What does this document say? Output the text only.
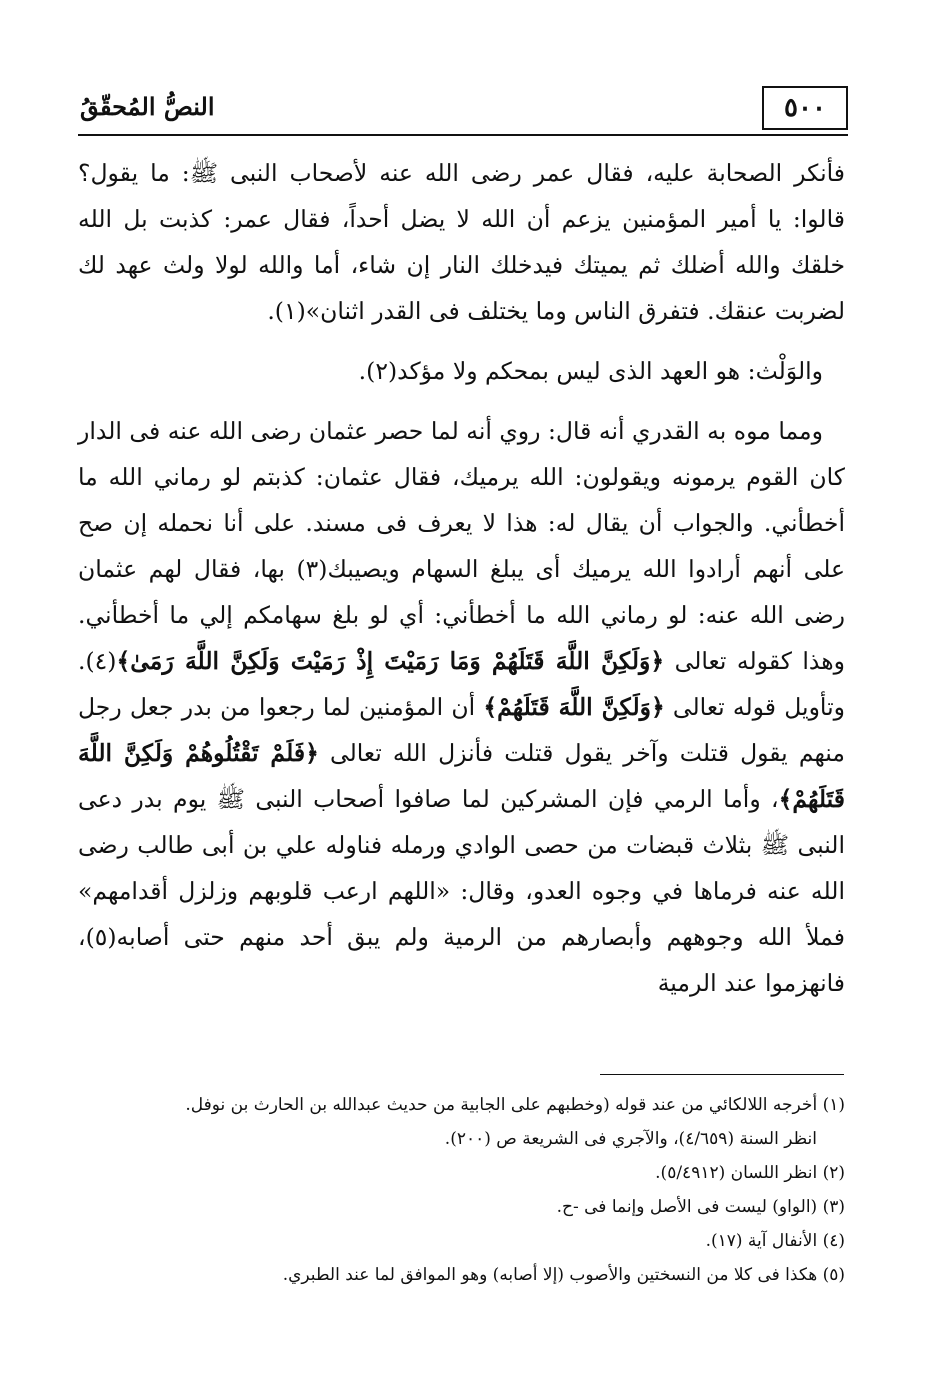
٥٠٠
النصُّ المُحقّقُ

فأنكر الصحابة عليه، فقال عمر رضى الله عنه لأصحاب النبى ﷺ: ما يقول؟ قالوا: يا أمير المؤمنين يزعم أن الله لا يضل أحداً، فقال عمر: كذبت بل الله خلقك والله أضلك ثم يميتك فيدخلك النار إن شاء، أما والله لولا ولث عهد لك لضربت عنقك. فتفرق الناس وما يختلف فى القدر اثنان»(١).

والوَلْث: هو العهد الذى ليس بمحكم ولا مؤكد(٢).

ومما موه به القدري أنه قال: روي أنه لما حصر عثمان رضى الله عنه فى الدار كان القوم يرمونه ويقولون: الله يرميك، فقال عثمان: كذبتم لو رماني الله ما أخطأني. والجواب أن يقال له: هذا لا يعرف فى مسند. على أنا نحمله إن صح على أنهم أرادوا الله يرميك أى يبلغ السهام ويصيبك(٣) بها، فقال لهم عثمان رضى الله عنه: لو رماني الله ما أخطأني: أي لو بلغ سهامكم إلي ما أخطأني. وهذا كقوله تعالى ﴿وَلَكِنَّ اللَّهَ قَتَلَهُمْ وَمَا رَمَيْتَ إِذْ رَمَيْتَ وَلَكِنَّ اللَّهَ رَمَىٰ﴾(٤). وتأويل قوله تعالى ﴿وَلَكِنَّ اللَّهَ قَتَلَهُمْ﴾ أن المؤمنين لما رجعوا من بدر جعل رجل منهم يقول قتلت وآخر يقول قتلت فأنزل الله تعالى ﴿فَلَمْ تَقْتُلُوهُمْ وَلَكِنَّ اللَّهَ قَتَلَهُمْ﴾، وأما الرمي فإن المشركين لما صافوا أصحاب النبى ﷺ يوم بدر دعى النبى ﷺ بثلاث قبضات من حصى الوادي ورمله فناوله علي بن أبى طالب رضى الله عنه فرماها في وجوه العدو، وقال: «اللهم ارعب قلوبهم وزلزل أقدامهم» فملأ الله وجوههم وأبصارهم من الرمية ولم يبق أحد منهم حتى أصابه(٥)، فانهزموا عند الرمية

(١) أخرجه اللالكائي من عند قوله (وخطبهم على الجابية من حديث عبدالله بن الحارث بن نوفل.

انظر السنة (٤/٦٥٩)، والآجري فى الشريعة ص (٢٠٠).

(٢) انظر اللسان (٥/٤٩١٢).

(٣) (الواو) ليست فى الأصل وإنما فى -ح.

(٤) الأنفال آية (١٧).

(٥) هكذا فى كلا من النسختين والأصوب (إلا أصابه) وهو الموافق لما عند الطبري.
